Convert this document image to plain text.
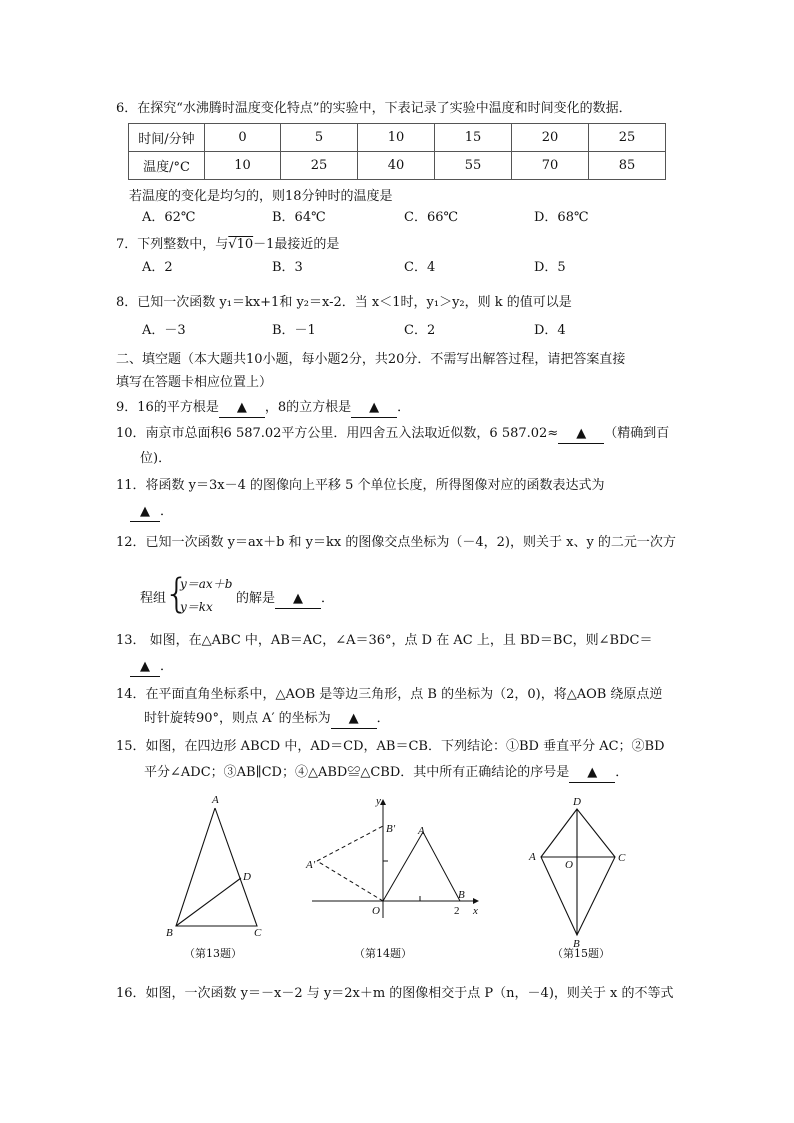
6．在探究“水沸腾时温度变化特点”的实验中，下表记录了实验中温度和时间变化的数据．
时间/分钟	0	5	10	15	20	25
温度/°C	10	25	40	55	70	85
若温度的变化是均匀的，则18分钟时的温度是
A．62℃	B．64℃	C．66℃	D．68℃
7．下列整数中，与√10－1最接近的是
A．2	B．3	C．4	D．5
8．已知一次函数 y₁＝kx+1和 y₂＝x-2．当 x＜1时，y₁＞y₂，则 k 的值可以是
A．－3	B．－1	C．2	D．4
二、填空题（本大题共10小题，每小题2分，共20分．不需写出解答过程，请把答案直接
填写在答题卡相应位置上）
9．16的平方根是 ▲ ，8的立方根是 ▲ ．
10．南京市总面积6 587.02平方公里．用四舍五入法取近似数，6 587.02≈ ▲ （精确到百
位)．
11．将函数 y＝3x－4 的图像向上平移 5 个单位长度，所得图像对应的函数表达式为
▲ ．
12．已知一次函数 y＝ax＋b 和 y＝kx 的图像交点坐标为（－4，2)，则关于 x、y 的二元一次方
程组
{
y＝ax＋b
y＝kx
的解是 ▲ ．
13． 如图，在△ABC 中，AB＝AC，∠A＝36°，点 D 在 AC 上，且 BD＝BC，则∠BDC＝
▲ ．
14．在平面直角坐标系中，△AOB 是等边三角形，点 B 的坐标为（2，0)，将△AOB 绕原点逆
时针旋转90°，则点 A′ 的坐标为 ▲ ．
15．如图，在四边形 ABCD 中，AD＝CD，AB＝CB．下列结论：①BD 垂直平分 AC；②BD
平分∠ADC；③AB∥CD；④△ABD≌△CBD．其中所有正确结论的序号是 ▲ ．
A
B	C
D
（第13题）
y
x
O
A
B
A′
B′
2
（第14题）
D
A	C
B
O
（第15题）
16．如图，一次函数 y＝－x－2 与 y＝2x＋m 的图像相交于点 P（n，－4)，则关于 x 的不等式
